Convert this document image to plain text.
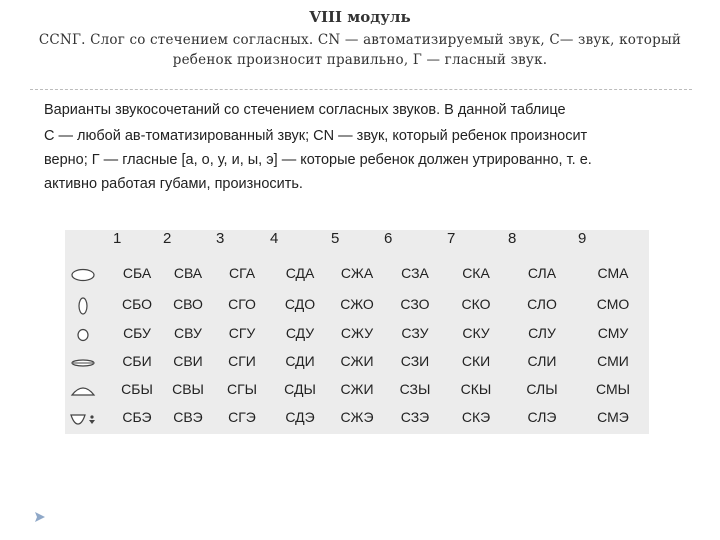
VIII модуль
ССNГ. Слог со стечением согласных. СN — автоматизируемый звук, С— звук, который
ребенок произносит правильно, Г — гласный звук.

Варианты звукосочетаний со стечением согласных звуков. В данной таблице

С — любой ав-томатизированный звук; СN — звук, который ребенок произносит

верно; Г — гласные [а, о, у, и, ы, э] — которые ребенок должен утрированно, т. е.

активно работая губами, произносить.

1	2	3	4	5	6	7	8	9
СБА	СВА	СГА	СДА	СЖА	СЗА	СКА	СЛА	СМА
СБО	СВО	СГО	СДО	СЖО	СЗО	СКО	СЛО	СМО
СБУ	СВУ	СГУ	СДУ	СЖУ	СЗУ	СКУ	СЛУ	СМУ
СБИ	СВИ	СГИ	СДИ	СЖИ	СЗИ	СКИ	СЛИ	СМИ
СБЫ	СВЫ	СГЫ	СДЫ	СЖИ	СЗЫ	СКЫ	СЛЫ	СМЫ
СБЭ	СВЭ	СГЭ	СДЭ	СЖЭ	СЗЭ	СКЭ	СЛЭ	СМЭ
